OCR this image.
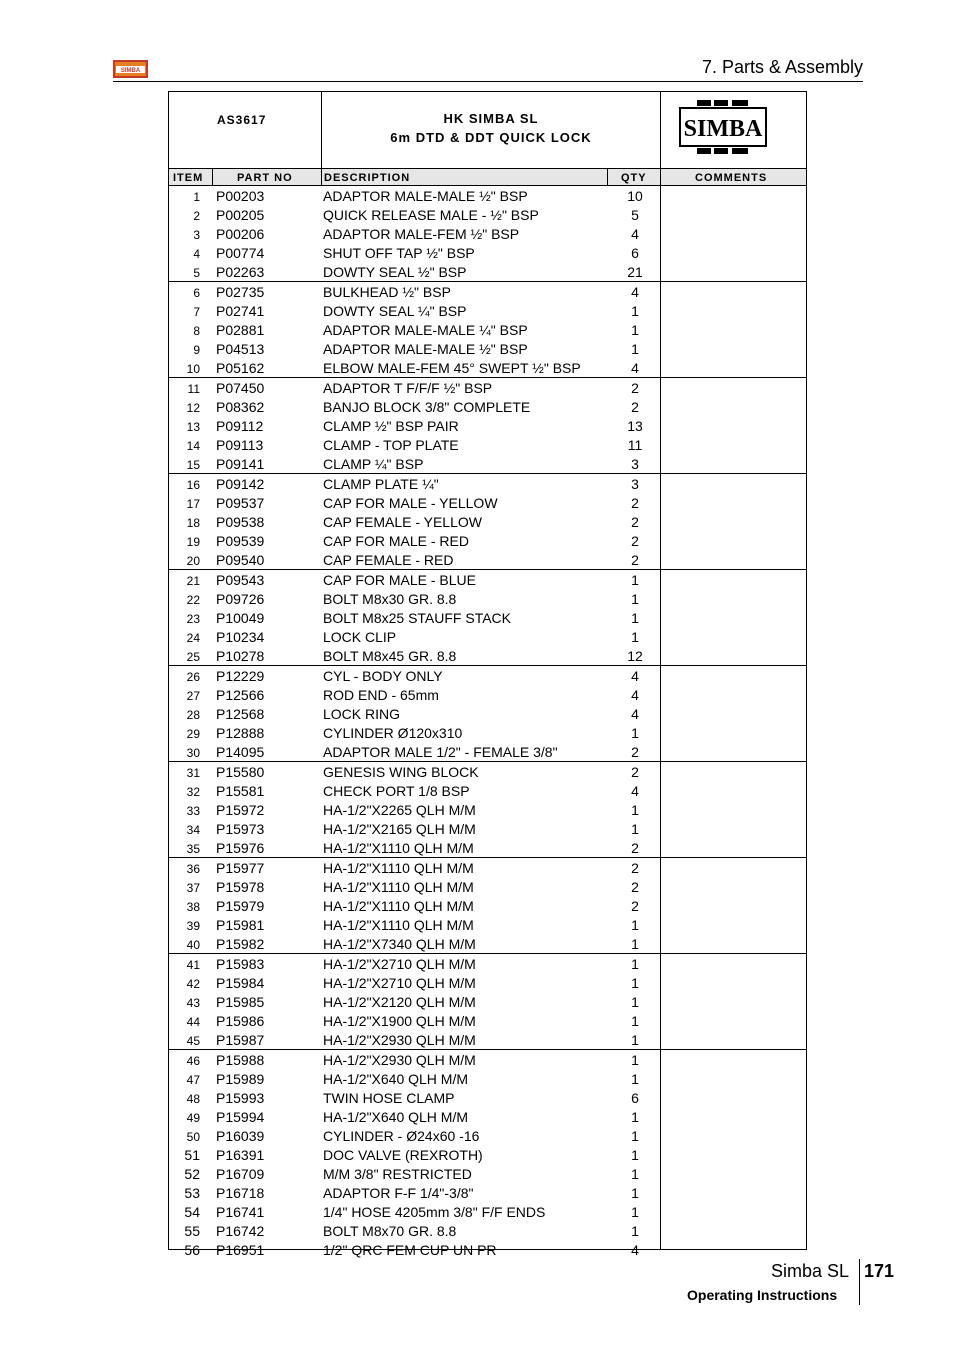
SIMBA	7. Parts & Assembly
AS3617	HK SIMBA SL
6m DTD & DDT QUICK LOCK	SIMBA
ITEM	PART NO	DESCRIPTION	QTY	COMMENTS
1 P00203	ADAPTOR MALE-MALE ½" BSP	10
2 P00205	QUICK RELEASE MALE - ½" BSP	5
3 P00206	ADAPTOR MALE-FEM ½" BSP	4
4 P00774	SHUT OFF TAP ½" BSP	6
5 P02263	DOWTY SEAL ½" BSP	21
6 P02735	BULKHEAD ½" BSP	4
7 P02741	DOWTY SEAL ¼" BSP	1
8 P02881	ADAPTOR MALE-MALE ¼" BSP	1
9 P04513	ADAPTOR MALE-MALE ½" BSP	1
10 P05162	ELBOW MALE-FEM 45° SWEPT ½" BSP	4
11 P07450	ADAPTOR T F/F/F ½" BSP	2
12 P08362	BANJO BLOCK 3/8" COMPLETE	2
13 P09112	CLAMP ½" BSP PAIR	13
14 P09113	CLAMP - TOP PLATE	11
15 P09141	CLAMP ¼" BSP	3
16 P09142	CLAMP PLATE ¼"	3
17 P09537	CAP FOR MALE - YELLOW	2
18 P09538	CAP FEMALE - YELLOW	2
19 P09539	CAP FOR MALE - RED	2
20 P09540	CAP FEMALE - RED	2
21 P09543	CAP FOR MALE - BLUE	1
22 P09726	BOLT M8x30 GR. 8.8	1
23 P10049	BOLT M8x25 STAUFF STACK	1
24 P10234	LOCK CLIP	1
25 P10278	BOLT M8x45 GR. 8.8	12
26 P12229	CYL - BODY ONLY	4
27 P12566	ROD END - 65mm	4
28 P12568	LOCK RING	4
29 P12888	CYLINDER Ø120x310	1
30 P14095	ADAPTOR MALE 1/2" - FEMALE 3/8"	2
31 P15580	GENESIS WING BLOCK	2
32 P15581	CHECK PORT 1/8 BSP	4
33 P15972	HA-1/2"X2265 QLH M/M	1
34 P15973	HA-1/2"X2165 QLH M/M	1
35 P15976	HA-1/2"X1110 QLH M/M	2
36 P15977	HA-1/2"X1110 QLH M/M	2
37 P15978	HA-1/2"X1110 QLH M/M	2
38 P15979	HA-1/2"X1110 QLH M/M	2
39 P15981	HA-1/2"X1110 QLH M/M	1
40 P15982	HA-1/2"X7340 QLH M/M	1
41 P15983	HA-1/2"X2710 QLH M/M	1
42 P15984	HA-1/2"X2710 QLH M/M	1
43 P15985	HA-1/2"X2120 QLH M/M	1
44 P15986	HA-1/2"X1900 QLH M/M	1
45 P15987	HA-1/2"X2930 QLH M/M	1
46 P15988	HA-1/2"X2930 QLH M/M	1
47 P15989	HA-1/2"X640 QLH M/M	1
48 P15993	TWIN HOSE CLAMP	6
49 P15994	HA-1/2"X640 QLH M/M	1
50 P16039	CYLINDER - Ø24x60 -16	1
51 P16391	DOC VALVE (REXROTH)	1
52 P16709	M/M 3/8" RESTRICTED	1
53 P16718	ADAPTOR F-F 1/4"-3/8"	1
54 P16741	1/4" HOSE 4205mm 3/8" F/F ENDS	1
55 P16742	BOLT M8x70 GR. 8.8	1
56 P16951	1/2" QRC FEM CUP UN PR	4
Simba SL 171
Operating Instructions
